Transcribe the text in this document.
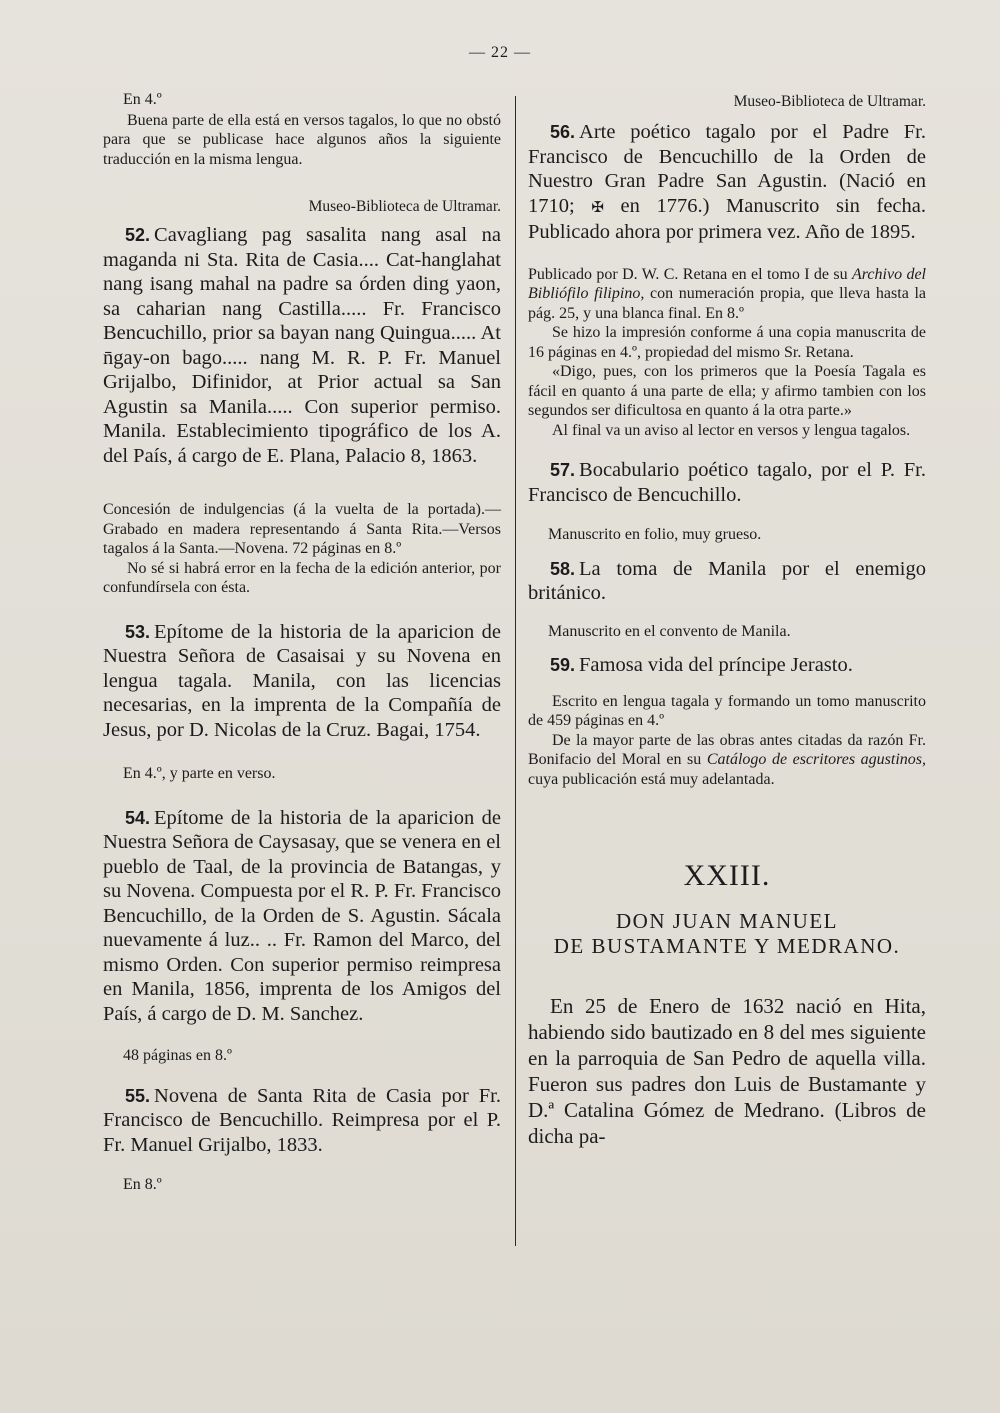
— 22 —

En 4.º

Buena parte de ella está en versos tagalos, lo que no obstó para que se publicase hace algunos años la siguiente traducción en la misma lengua.

Museo-Biblioteca de Ultramar.

52. Cavagliang pag sasalita nang asal na maganda ni Sta. Rita de Casia.... Cat-hanglahat nang isang mahal na padre sa órden ding yaon, sa caharian nang Castilla..... Fr. Francisco Bencuchillo, prior sa bayan nang Quingua..... At n̄gay-on bago..... nang M. R. P. Fr. Manuel Grijalbo, Difinidor, at Prior actual sa San Agustin sa Manila..... Con superior permiso. Manila. Establecimiento tipográfico de los A. del País, á cargo de E. Plana, Palacio 8, 1863.

Concesión de indulgencias (á la vuelta de la portada).—Grabado en madera representando á Santa Rita.—Versos tagalos á la Santa.—Novena. 72 páginas en 8.º

No sé si habrá error en la fecha de la edición anterior, por confundírsela con ésta.

53. Epítome de la historia de la aparicion de Nuestra Señora de Casaisai y su Novena en lengua tagala. Manila, con las licencias necesarias, en la imprenta de la Compañía de Jesus, por D. Nicolas de la Cruz. Bagai, 1754.

En 4.º, y parte en verso.

54. Epítome de la historia de la aparicion de Nuestra Señora de Caysasay, que se venera en el pueblo de Taal, de la provincia de Batangas, y su Novena. Compuesta por el R. P. Fr. Francisco Bencuchillo, de la Orden de S. Agustin. Sácala nuevamente á luz.. .. Fr. Ramon del Marco, del mismo Orden. Con superior permiso reimpresa en Manila, 1856, imprenta de los Amigos del País, á cargo de D. M. Sanchez.

48 páginas en 8.º

55. Novena de Santa Rita de Casia por Fr. Francisco de Bencuchillo. Reimpresa por el P. Fr. Manuel Grijalbo, 1833.

En 8.º

Museo-Biblioteca de Ultramar.

56. Arte poético tagalo por el Padre Fr. Francisco de Bencuchillo de la Orden de Nuestro Gran Padre San Agustin. (Nació en 1710; ✠ en 1776.) Manuscrito sin fecha. Publicado ahora por primera vez. Año de 1895.

Publicado por D. W. C. Retana en el tomo I de su Archivo del Bibliófilo filipino, con numeración propia, que lleva hasta la pág. 25, y una blanca final. En 8.º

Se hizo la impresión conforme á una copia manuscrita de 16 páginas en 4.º, propiedad del mismo Sr. Retana.

«Digo, pues, con los primeros que la Poesía Tagala es fácil en quanto á una parte de ella; y afirmo tambien con los segundos ser dificultosa en quanto á la otra parte.»

Al final va un aviso al lector en versos y lengua tagalos.

57. Bocabulario poético tagalo, por el P. Fr. Francisco de Bencuchillo.

Manuscrito en folio, muy grueso.

58. La toma de Manila por el enemigo británico.

Manuscrito en el convento de Manila.

59. Famosa vida del príncipe Jerasto.

Escrito en lengua tagala y formando un tomo manuscrito de 459 páginas en 4.º

De la mayor parte de las obras antes citadas da razón Fr. Bonifacio del Moral en su Catálogo de escritores agustinos, cuya publicación está muy adelantada.

XXIII.

DON JUAN MANUEL

DE BUSTAMANTE Y MEDRANO.

En 25 de Enero de 1632 nació en Hita, habiendo sido bautizado en 8 del mes siguiente en la parroquia de San Pedro de aquella villa. Fueron sus padres don Luis de Bustamante y D.ª Catalina Gómez de Medrano. (Libros de dicha pa-
